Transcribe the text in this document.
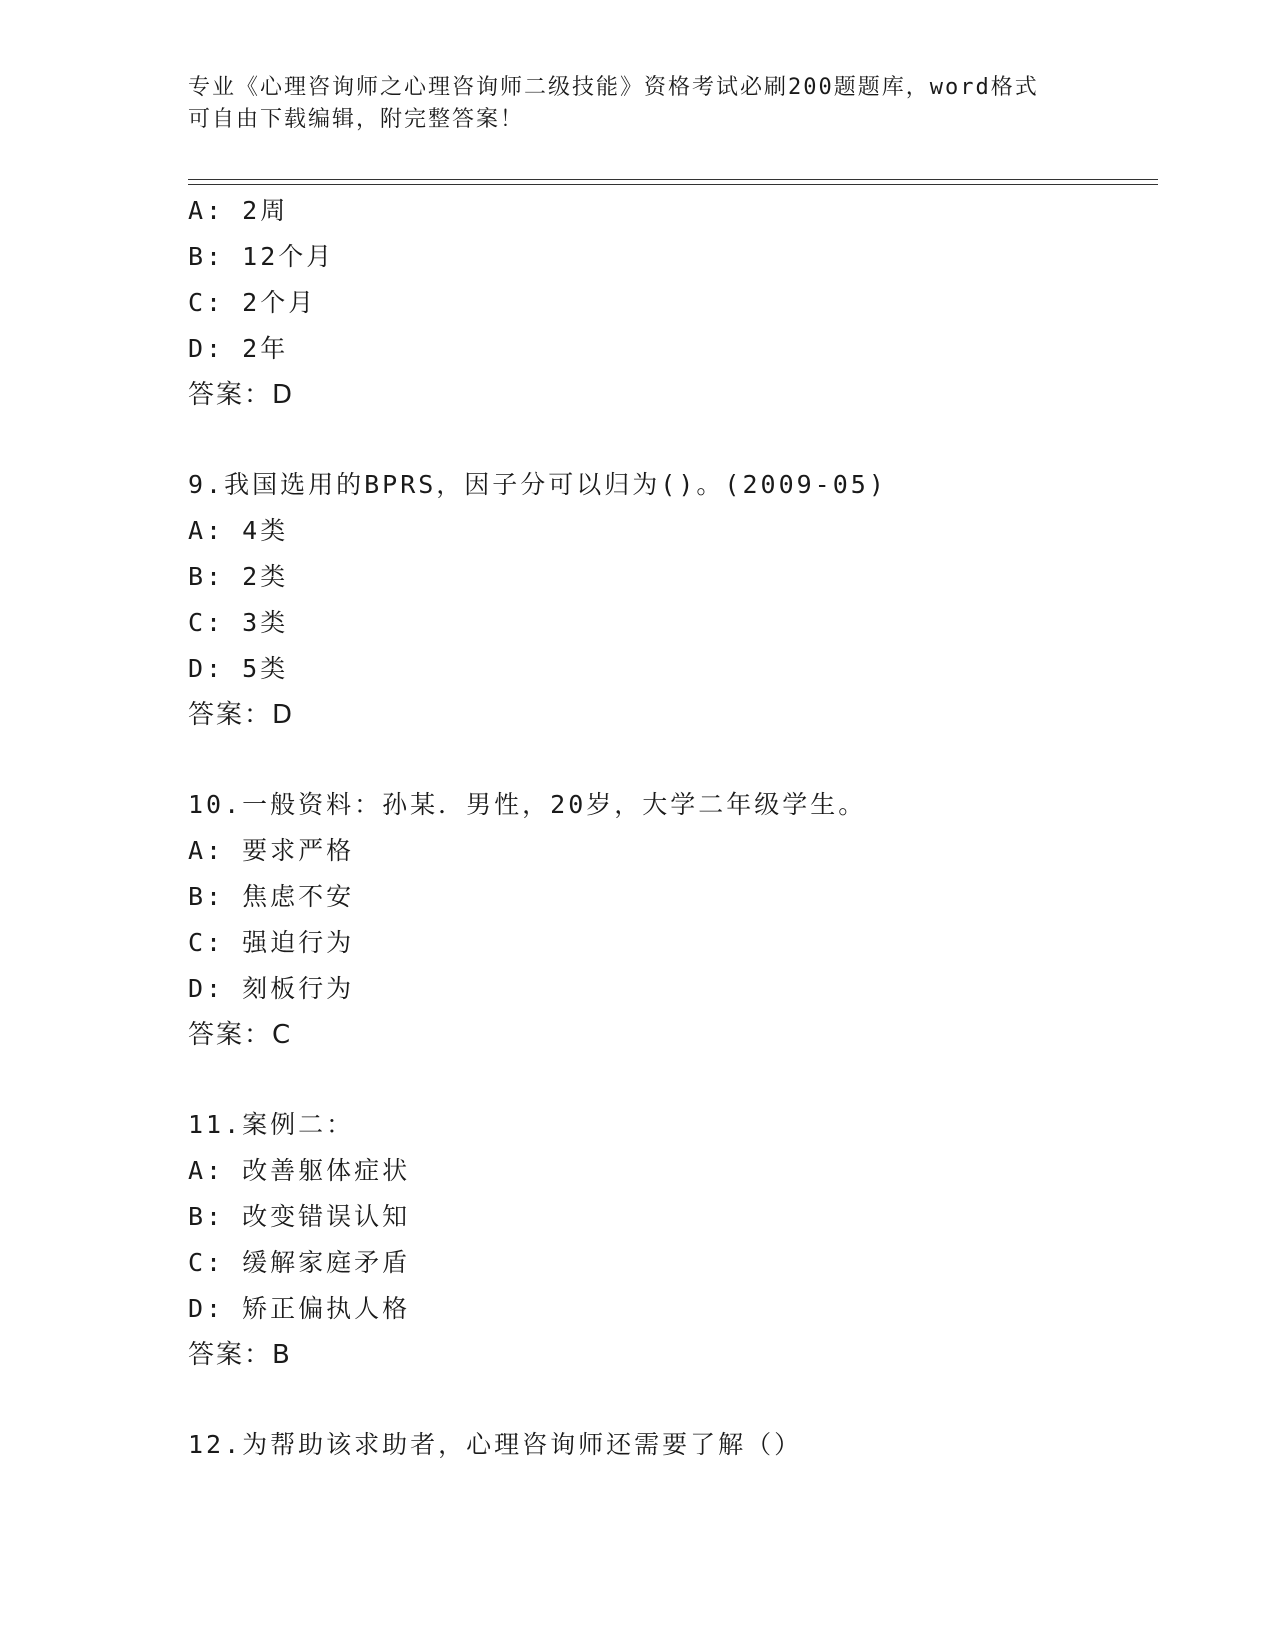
专业《心理咨询师之心理咨询师二级技能》资格考试必刷200题题库，word格式
可自由下载编辑，附完整答案！
A: 2周
B: 12个月
C: 2个月
D: 2年
答案：D
9.我国选用的BPRS，因子分可以归为()。(2009-05)
A: 4类
B: 2类
C: 3类
D: 5类
答案：D
10.一般资料：孙某．男性，20岁，大学二年级学生。
A: 要求严格
B: 焦虑不安
C: 强迫行为
D: 刻板行为
答案：C
11.案例二：
A: 改善躯体症状
B: 改变错误认知
C: 缓解家庭矛盾
D: 矫正偏执人格
答案：B
12.为帮助该求助者，心理咨询师还需要了解（）
